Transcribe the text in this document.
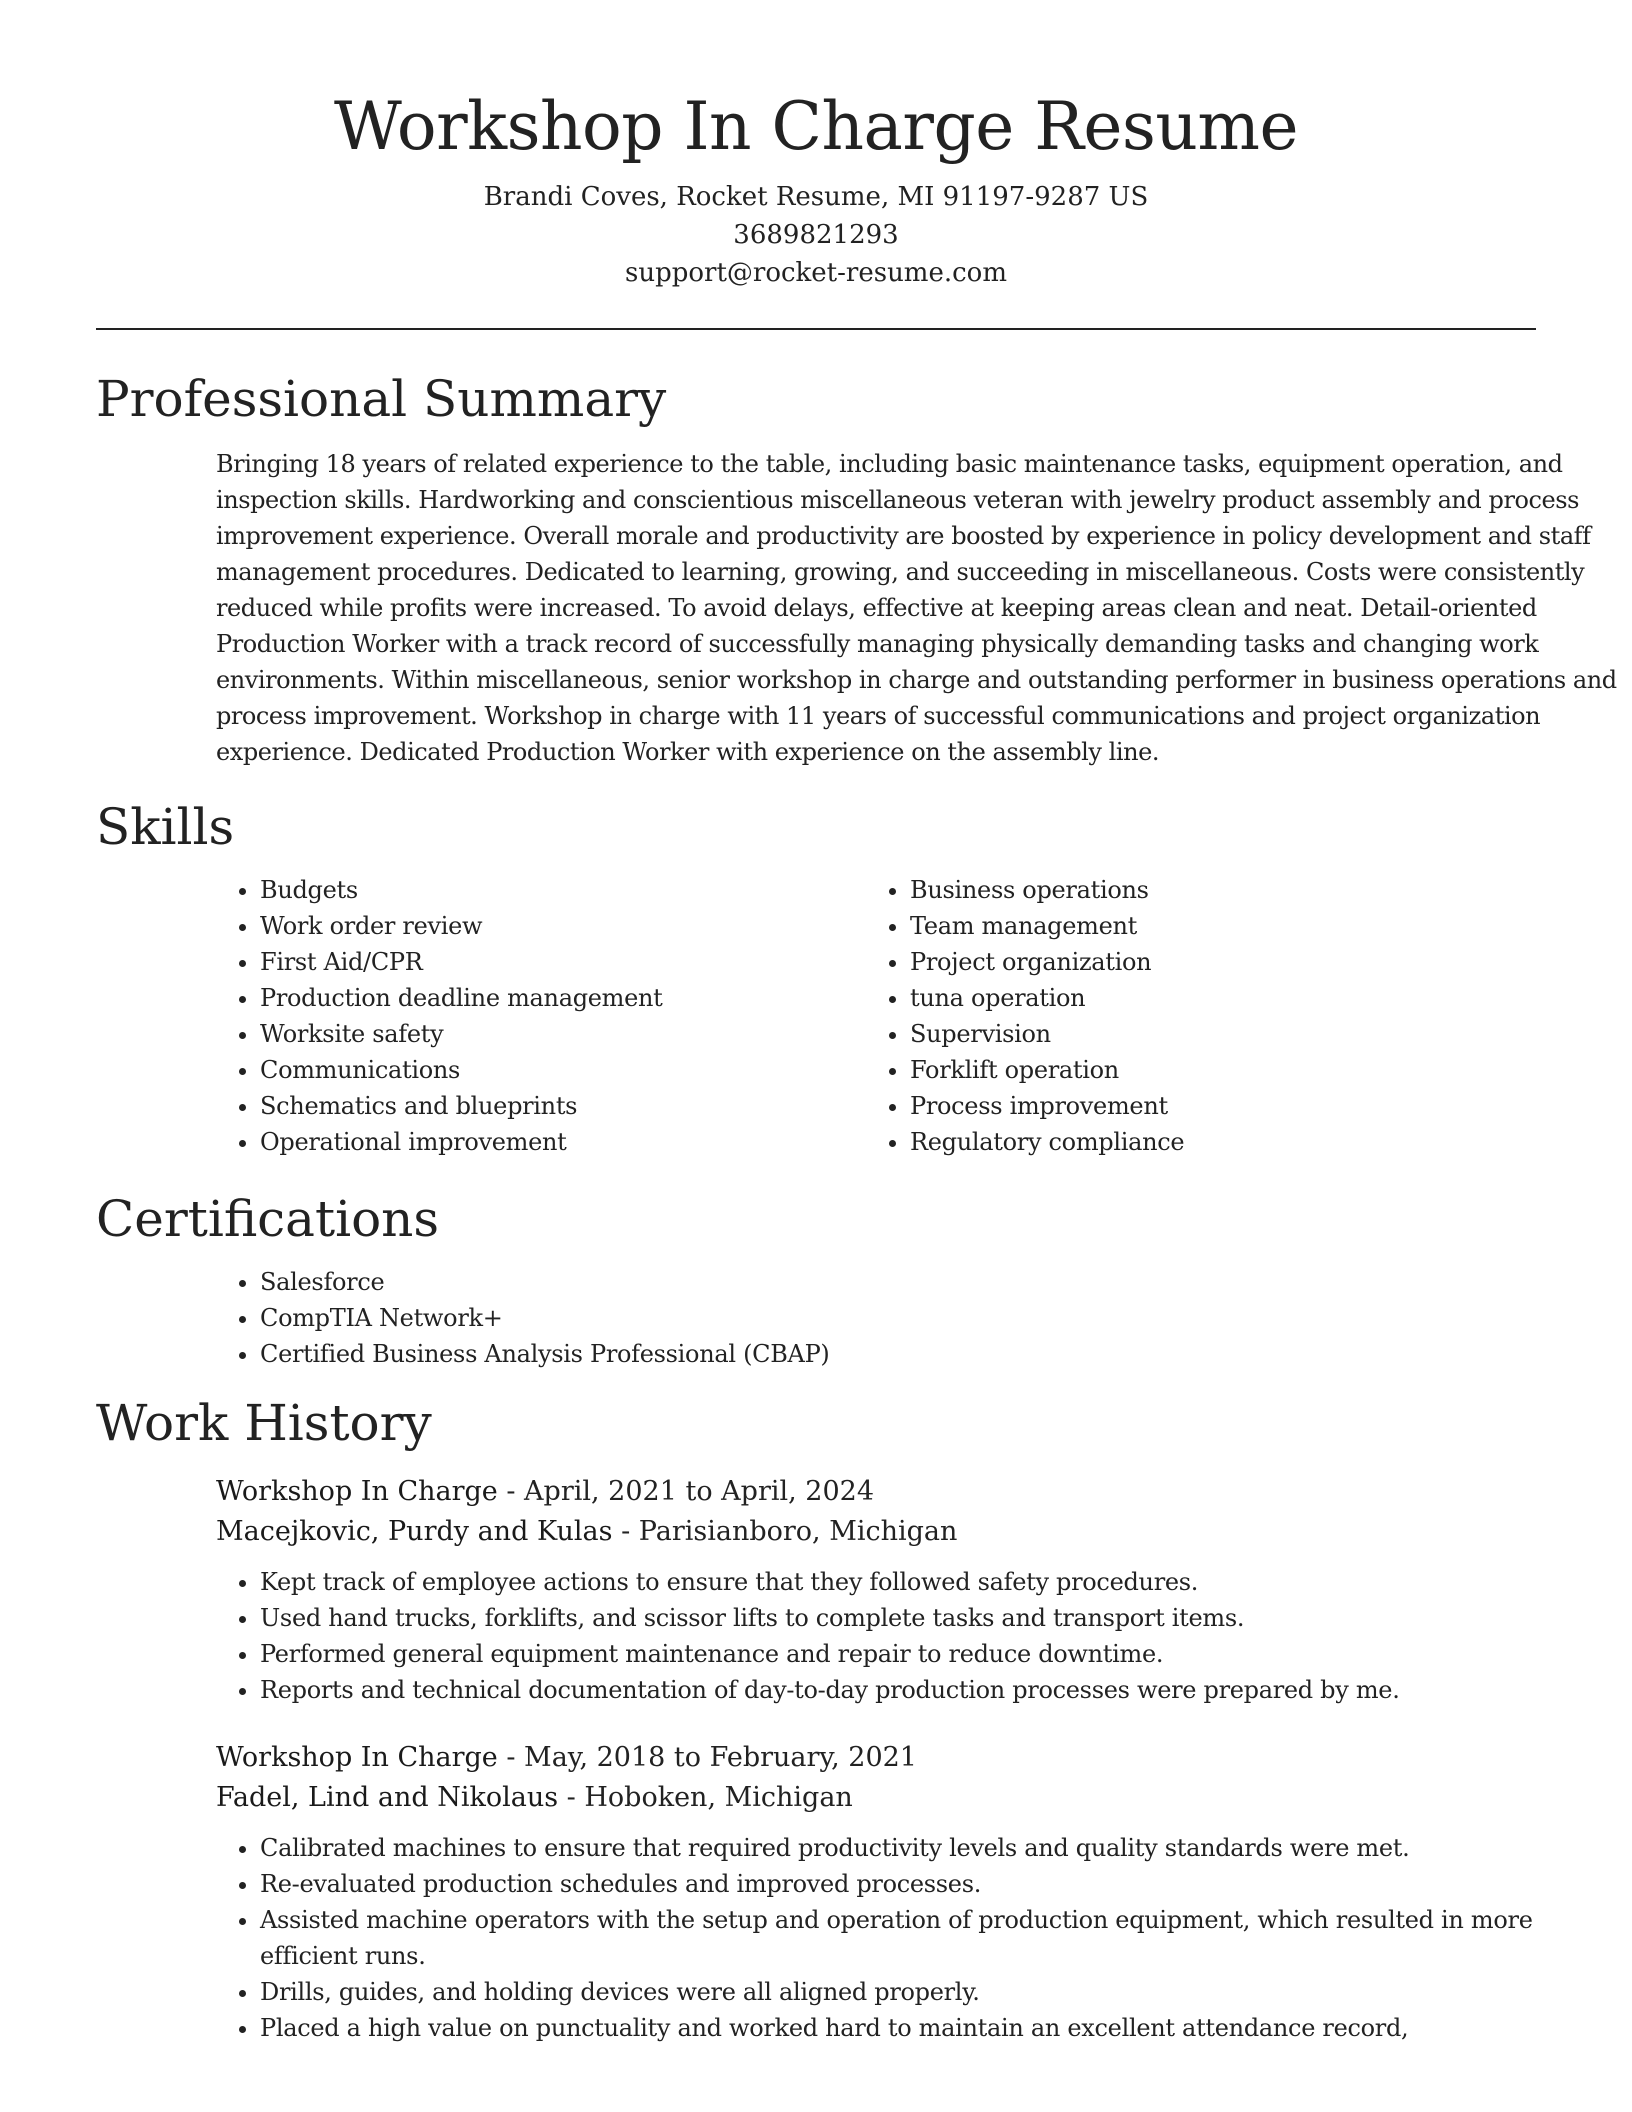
Workshop In Charge Resume
Brandi Coves, Rocket Resume, MI 91197-9287 US
3689821293
support@rocket-resume.com
Professional Summary

Bringing 18 years of related experience to the table, including basic maintenance tasks, equipment operation, and inspection skills. Hardworking and conscientious miscellaneous veteran with jewelry product assembly and process improvement experience. Overall morale and productivity are boosted by experience in policy development and staff management procedures. Dedicated to learning, growing, and succeeding in miscellaneous. Costs were consistently reduced while profits were increased. To avoid delays, effective at keeping areas clean and neat. Detail-oriented Production Worker with a track record of successfully managing physically demanding tasks and changing work environments. Within miscellaneous, senior workshop in charge and outstanding performer in business operations and process improvement. Workshop in charge with 11 years of successful communications and project organization experience. Dedicated Production Worker with experience on the assembly line.

Skills
• Budgets
• Work order review
• First Aid/CPR
• Production deadline management
• Worksite safety
• Communications
• Schematics and blueprints
• Operational improvement
• Business operations
• Team management
• Project organization
• tuna operation
• Supervision
• Forklift operation
• Process improvement
• Regulatory compliance
Certifications
• Salesforce
• CompTIA Network+
• Certified Business Analysis Professional (CBAP)
Work History
Workshop In Charge - April, 2021 to April, 2024
Macejkovic, Purdy and Kulas - Parisianboro, Michigan
• Kept track of employee actions to ensure that they followed safety procedures.
• Used hand trucks, forklifts, and scissor lifts to complete tasks and transport items.
• Performed general equipment maintenance and repair to reduce downtime.
• Reports and technical documentation of day-to-day production processes were prepared by me.
Workshop In Charge - May, 2018 to February, 2021
Fadel, Lind and Nikolaus - Hoboken, Michigan
• Calibrated machines to ensure that required productivity levels and quality standards were met.
• Re-evaluated production schedules and improved processes.
• Assisted machine operators with the setup and operation of production equipment, which resulted in more efficient runs.
• Drills, guides, and holding devices were all aligned properly.
• Placed a high value on punctuality and worked hard to maintain an excellent attendance record,
